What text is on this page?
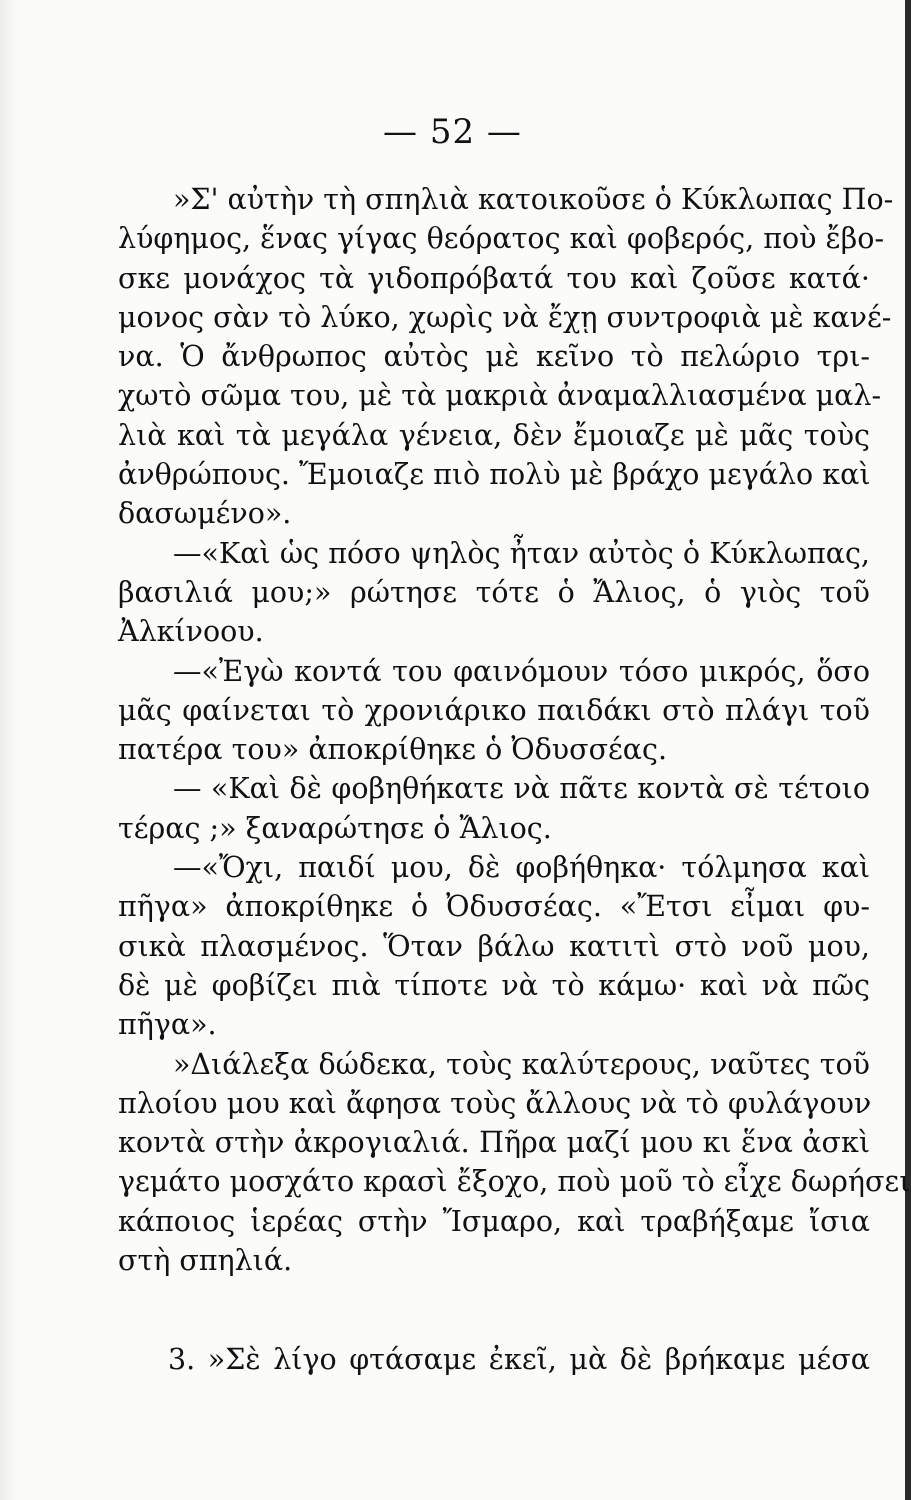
— 52 —
»Σ' αὐτὴν τὴ σπηλιὰ κατοικοῦσε ὁ Κύκλωπας Πο-
λύφημος, ἕνας γίγας θεόρατος καὶ φοβερός, ποὺ ἔβο-
σκε μονάχος τὰ γιδοπρόβατά του καὶ ζοῦσε κατά·
μονος σὰν τὸ λύκο, χωρὶς νὰ ἔχῃ συντροφιὰ μὲ κανέ-
να. Ὁ ἄνθρωπος αὐτὸς μὲ κεῖνο τὸ πελώριο τρι-
χωτὸ σῶμα του, μὲ τὰ μακριὰ ἀναμαλλιασμένα μαλ-
λιὰ καὶ τὰ μεγάλα γένεια, δὲν ἔμοιαζε μὲ μᾶς τοὺς
ἀνθρώπους. Ἔμοιαζε πιὸ πολὺ μὲ βράχο μεγάλο καὶ
δασωμένο».
—«Καὶ ὡς πόσο ψηλὸς ἦταν αὐτὸς ὁ Κύκλωπας,
βασιλιά μου;» ρώτησε τότε ὁ Ἄλιος, ὁ γιὸς τοῦ
Ἀλκίνοου.
—«Ἐγὼ κοντά του φαινόμουν τόσο μικρός, ὅσο
μᾶς φαίνεται τὸ χρονιάρικο παιδάκι στὸ πλάγι τοῦ
πατέρα του» ἀποκρίθηκε ὁ Ὀδυσσέας.
— «Καὶ δὲ φοβηθήκατε νὰ πᾶτε κοντὰ σὲ τέτοιο
τέρας ;» ξαναρώτησε ὁ Ἄλιος.
—«Ὄχι, παιδί μου, δὲ φοβήθηκα· τόλμησα καὶ
πῆγα» ἀποκρίθηκε ὁ Ὀδυσσέας. «Ἔτσι εἶμαι φυ-
σικὰ πλασμένος. Ὅταν βάλω κατιτὶ στὸ νοῦ μου,
δὲ μὲ φοβίζει πιὰ τίποτε νὰ τὸ κάμω· καὶ νὰ πῶς
πῆγα».
»Διάλεξα δώδεκα, τοὺς καλύτερους, ναῦτες τοῦ
πλοίου μου καὶ ἄφησα τοὺς ἄλλους νὰ τὸ φυλάγουν
κοντὰ στὴν ἀκρογιαλιά. Πῆρα μαζί μου κι ἕνα ἀσκὶ
γεμάτο μοσχάτο κρασὶ ἔξοχο, ποὺ μοῦ τὸ εἶχε δωρήσει
κάποιος ἱερέας στὴν Ἴσμαρο, καὶ τραβήξαμε ἴσια
στὴ σπηλιά.
3. »Σὲ λίγο φτάσαμε ἐκεῖ, μὰ δὲ βρήκαμε μέσα
